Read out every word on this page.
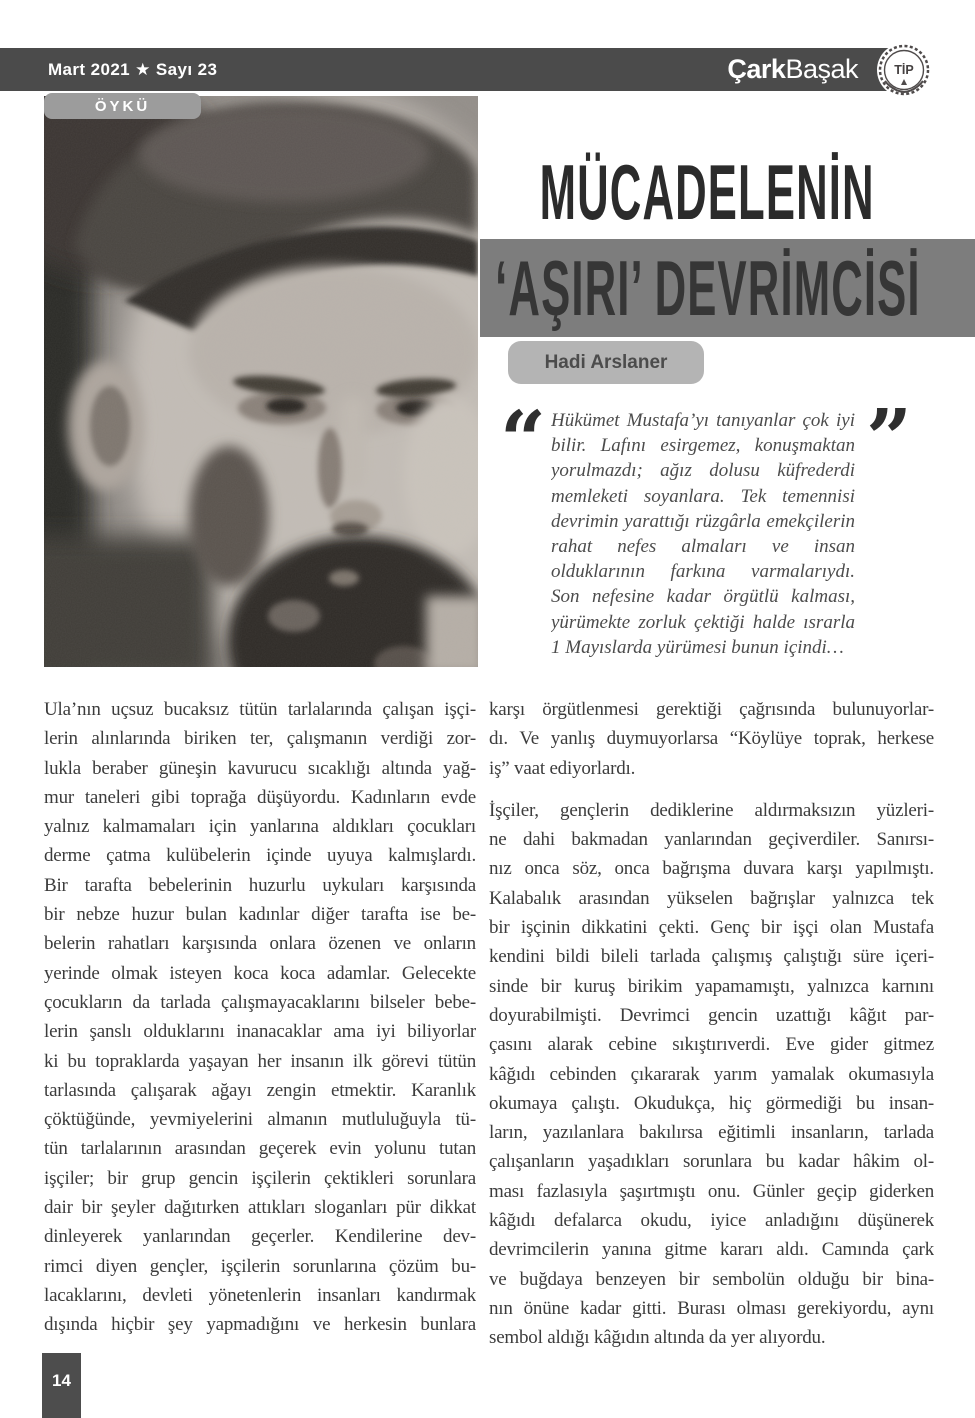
Mart 2021 ★ Sayı 23	Çark Başak	TİP
ÖYKÜ
MÜCADELENİN
‘AŞIRI’ DEVRİMCİSİ
Hadi Arslaner
“	”
Hükümet Mustafa’yı tanıyanlar çok iyi
bilir. Lafını esirgemez, konuşmaktan
yorulmazdı; ağız dolusu küfrederdi
memleketi soyanlara. Tek temennisi
devrimin yarattığı rüzgârla emekçilerin
rahat nefes almaları ve insan
olduklarının farkına varmalarıydı.
Son nefesine kadar örgütlü kalması,
yürümekte zorluk çektiği halde ısrarla
1 Mayıslarda yürümesi bunun içindi…
Ula’nın uçsuz bucaksız tütün tarlalarında çalışan işçi-
lerin alınlarında biriken ter, çalışmanın verdiği zor-
lukla beraber güneşin kavurucu sıcaklığı altında yağ-
mur taneleri gibi toprağa düşüyordu. Kadınların evde
yalnız kalmamaları için yanlarına aldıkları çocukları
derme çatma kulübelerin içinde uyuya kalmışlardı.
Bir tarafta bebelerinin huzurlu uykuları karşısında
bir nebze huzur bulan kadınlar diğer tarafta ise be-
belerin rahatları karşısında onlara özenen ve onların
yerinde olmak isteyen koca koca adamlar. Gelecekte
çocukların da tarlada çalışmayacaklarını bilseler bebe-
lerin şanslı olduklarını inanacaklar ama iyi biliyorlar
ki bu topraklarda yaşayan her insanın ilk görevi tütün
tarlasında çalışarak ağayı zengin etmektir. Karanlık
çöktüğünde, yevmiyelerini almanın mutluluğuyla tü-
tün tarlalarının arasından geçerek evin yolunu tutan
işçiler; bir grup gencin işçilerin çektikleri sorunlara
dair bir şeyler dağıtırken attıkları sloganları pür dikkat
dinleyerek yanlarından geçerler. Kendilerine dev-
rimci diyen gençler, işçilerin sorunlarına çözüm bu-
lacaklarını, devleti yönetenlerin insanları kandırmak
dışında hiçbir şey yapmadığını ve herkesin bunlara
karşı örgütlenmesi gerektiği çağrısında bulunuyorlar-
dı. Ve yanlış duymuyorlarsa “Köylüye toprak, herkese
iş” vaat ediyorlardı.
İşçiler, gençlerin dediklerine aldırmaksızın yüzleri-
ne dahi bakmadan yanlarından geçiverdiler. Sanırsı-
nız onca söz, onca bağrışma duvara karşı yapılmıştı.
Kalabalık arasından yükselen bağrışlar yalnızca tek
bir işçinin dikkatini çekti. Genç bir işçi olan Mustafa
kendini bildi bileli tarlada çalışmış çalıştığı süre içeri-
sinde bir kuruş birikim yapamamıştı, yalnızca karnını
doyurabilmişti. Devrimci gencin uzattığı kâğıt par-
çasını alarak cebine sıkıştırıverdi. Eve gider gitmez
kâğıdı cebinden çıkararak yarım yamalak okumasıyla
okumaya çalıştı. Okudukça, hiç görmediği bu insan-
ların, yazılanlara bakılırsa eğitimli insanların, tarlada
çalışanların yaşadıkları sorunlara bu kadar hâkim ol-
ması fazlasıyla şaşırtmıştı onu. Günler geçip giderken
kâğıdı defalarca okudu, iyice anladığını düşünerek
devrimcilerin yanına gitme kararı aldı. Camında çark
ve buğdaya benzeyen bir sembolün olduğu bir bina-
nın önüne kadar gitti. Burası olması gerekiyordu, aynı
sembol aldığı kâğıdın altında da yer alıyordu.
14
